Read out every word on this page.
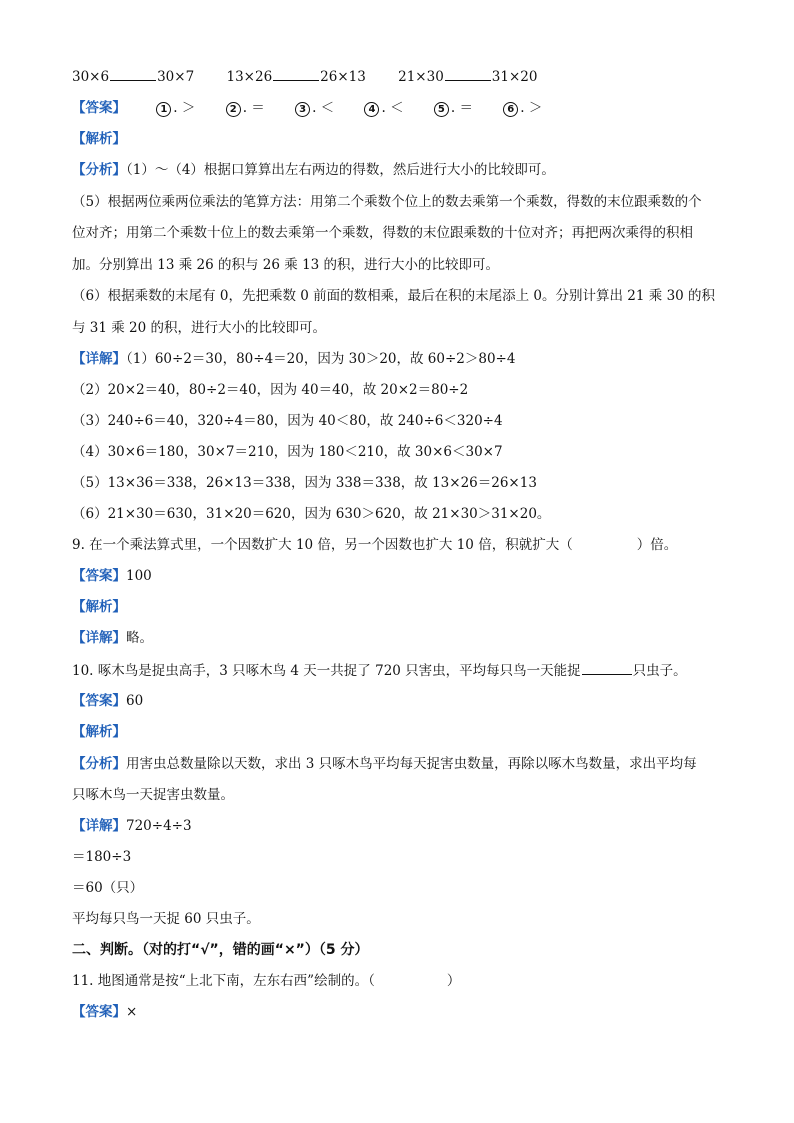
30×6	30×7 13×26	26×13 21×30	31×20
【答案】	1 . ＞	2 . ＝	3 . ＜	4 . ＜	5 . ＝	6 . ＞
【解析】
【分析】（1）～（4）根据口算算出左右两边的得数，然后进行大小的比较即可。
（5）根据两位乘两位乘法的笔算方法：用第二个乘数个位上的数去乘第一个乘数，得数的末位跟乘数的个
位对齐；用第二个乘数十位上的数去乘第一个乘数，得数的末位跟乘数的十位对齐；再把两次乘得的积相
加。分别算出 13 乘 26 的积与 26 乘 13 的积，进行大小的比较即可。
（6）根据乘数的末尾有 0，先把乘数 0 前面的数相乘，最后在积的末尾添上 0。分别计算出 21 乘 30 的积
与 31 乘 20 的积，进行大小的比较即可。
【详解】（1）60÷2＝30，80÷4＝20，因为 30＞20，故 60÷2＞80÷4
（2）20×2＝40，80÷2＝40，因为 40＝40，故 20×2＝80÷2
（3）240÷6＝40，320÷4＝80，因为 40＜80，故 240÷6＜320÷4
（4）30×6＝180，30×7＝210，因为 180＜210，故 30×6＜30×7
（5）13×36＝338，26×13＝338，因为 338＝338，故 13×26＝26×13
（6）21×30＝630，31×20＝620，因为 630＞620，故 21×30＞31×20。
9. 在一个乘法算式里，一个因数扩大 10 倍，另一个因数也扩大 10 倍，积就扩大（	）倍。
【答案】100
【解析】
【详解】略。
10. 啄木鸟是捉虫高手，3 只啄木鸟 4 天一共捉了 720 只害虫，平均每只鸟一天能捉	只虫子。
【答案】60
【解析】
【分析】用害虫总数量除以天数，求出 3 只啄木鸟平均每天捉害虫数量，再除以啄木鸟数量，求出平均每
只啄木鸟一天捉害虫数量。
【详解】720÷4÷3
＝180÷3
＝60（只）
平均每只鸟一天捉 60 只虫子。
二、判断。（对的打“√”，错的画“×”）（5 分）
11. 地图通常是按“上北下南，左东右西”绘制的。（	）
【答案】×
